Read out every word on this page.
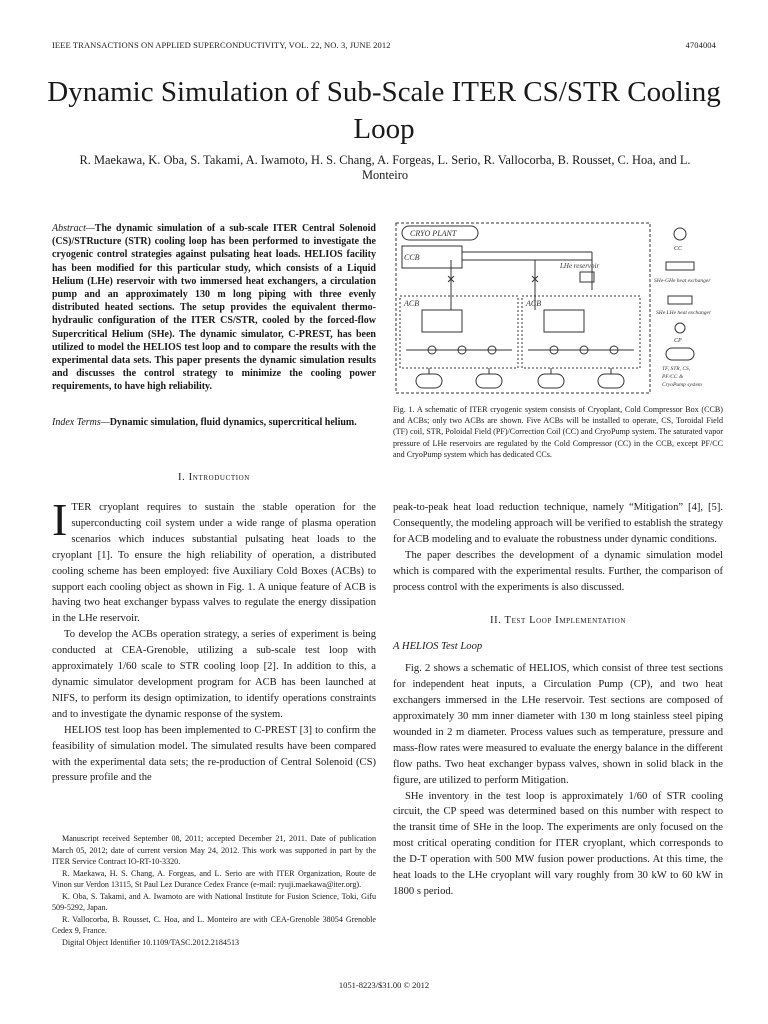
IEEE TRANSACTIONS ON APPLIED SUPERCONDUCTIVITY, VOL. 22, NO. 3, JUNE 2012	4704004
Dynamic Simulation of Sub-Scale ITER CS/STR Cooling Loop
R. Maekawa, K. Oba, S. Takami, A. Iwamoto, H. S. Chang, A. Forgeas, L. Serio, R. Vallocorba, B. Rousset, C. Hoa, and L. Monteiro
Abstract—The dynamic simulation of a sub-scale ITER Central Solenoid (CS)/STRucture (STR) cooling loop has been performed to investigate the cryogenic control strategies against pulsating heat loads. HELIOS facility has been modified for this particular study, which consists of a Liquid Helium (LHe) reservoir with two immersed heat exchangers, a circulation pump and an approximately 130 m long piping with three evenly distributed heated sections. The setup provides the equivalent thermo-hydraulic configuration of the ITER CS/STR, cooled by the forced-flow Supercritical Helium (SHe). The dynamic simulator, C-PREST, has been utilized to model the HELIOS test loop and to compare the results with the experimental data sets. This paper presents the dynamic simulation results and discusses the control strategy to minimize the cooling power requirements, to have high reliability.
Index Terms—Dynamic simulation, fluid dynamics, supercritical helium.
I. Introduction

ITER cryoplant requires to sustain the stable operation for the superconducting coil system under a wide range of plasma operation scenarios which induces substantial pulsating heat loads to the cryoplant [1]. To ensure the high reliability of operation, a distributed cooling scheme has been employed: five Auxiliary Cold Boxes (ACBs) to support each cooling object as shown in Fig. 1. A unique feature of ACB is having two heat exchanger bypass valves to regulate the energy dissipation in the LHe reservoir.

To develop the ACBs operation strategy, a series of experiment is being conducted at CEA-Grenoble, utilizing a sub-scale test loop with approximately 1/60 scale to STR cooling loop [2]. In addition to this, a dynamic simulator development program for ACB has been launched at NIFS, to perform its design optimization, to identify operations constraints and to investigate the dynamic response of the system.

HELIOS test loop has been implemented to C-PREST [3] to confirm the feasibility of simulation model. The simulated results have been compared with the experimental data sets; the re-production of Central Solenoid (CS) pressure profile and the

Manuscript received September 08, 2011; accepted December 21, 2011. Date of publication March 05, 2012; date of current version May 24, 2012. This work was supported in part by the ITER Service Contract IO-RT-10-3320.

R. Maekawa, H. S. Chang, A. Forgeas, and L. Serio are with ITER Organization, Route de Vinon sur Verdon 13115, St Paul Lez Durance Cedex France (e-mail: ryuji.maekawa@iter.org).

K. Oba, S. Takami, and A. Iwamoto are with National Institute for Fusion Science, Toki, Gifu 509-5292, Japan.

R. Vallocorba, B. Rousset, C. Hoa, and L. Monteiro are with CEA-Grenoble 38054 Grenoble Cedex 9, France.

Digital Object Identifier 10.1109/TASC.2012.2184513

CRYO PLANT
CCB
ACB	ACB
LHe reservoir
CC
SHe-GHe heat exchanger
SHe LHe heat exchanger
CP
TF, STR, CS,
PF/CC &
CryoPump system
Fig. 1. A schematic of ITER cryogenic system consists of Cryoplant, Cold Compressor Box (CCB) and ACBs; only two ACBs are shown. Five ACBs will be installed to operate, CS, Toroidal Field (TF) coil, STR, Poloidal Field (PF)/Correction Coil (CC) and CryoPump system. The saturated vapor pressure of LHe reservoirs are regulated by the Cold Compressor (CC) in the CCB, except PF/CC and CryoPump system which has dedicated CCs.

peak-to-peak heat load reduction technique, namely “Mitigation” [4], [5]. Consequently, the modeling approach will be verified to establish the strategy for ACB modeling and to evaluate the robustness under dynamic conditions.

The paper describes the development of a dynamic simulation model which is compared with the experimental results. Further, the comparison of process control with the experiments is also discussed.

II. Test Loop Implementation
A HELIOS Test Loop

Fig. 2 shows a schematic of HELIOS, which consist of three test sections for independent heat inputs, a Circulation Pump (CP), and two heat exchangers immersed in the LHe reservoir. Test sections are composed of approximately 30 mm inner diameter with 130 m long stainless steel piping wounded in 2 m diameter. Process values such as temperature, pressure and mass-flow rates were measured to evaluate the energy balance in the different flow paths. Two heat exchanger bypass valves, shown in solid black in the figure, are utilized to perform Mitigation.

SHe inventory in the test loop is approximately 1/60 of STR cooling circuit, the CP speed was determined based on this number with respect to the transit time of SHe in the loop. The experiments are only focused on the most critical operating condition for ITER cryoplant, which corresponds to the D-T operation with 500 MW fusion power productions. At this time, the heat loads to the LHe cryoplant will vary roughly from 30 kW to 60 kW in 1800 s period.

1051-8223/$31.00 © 2012
